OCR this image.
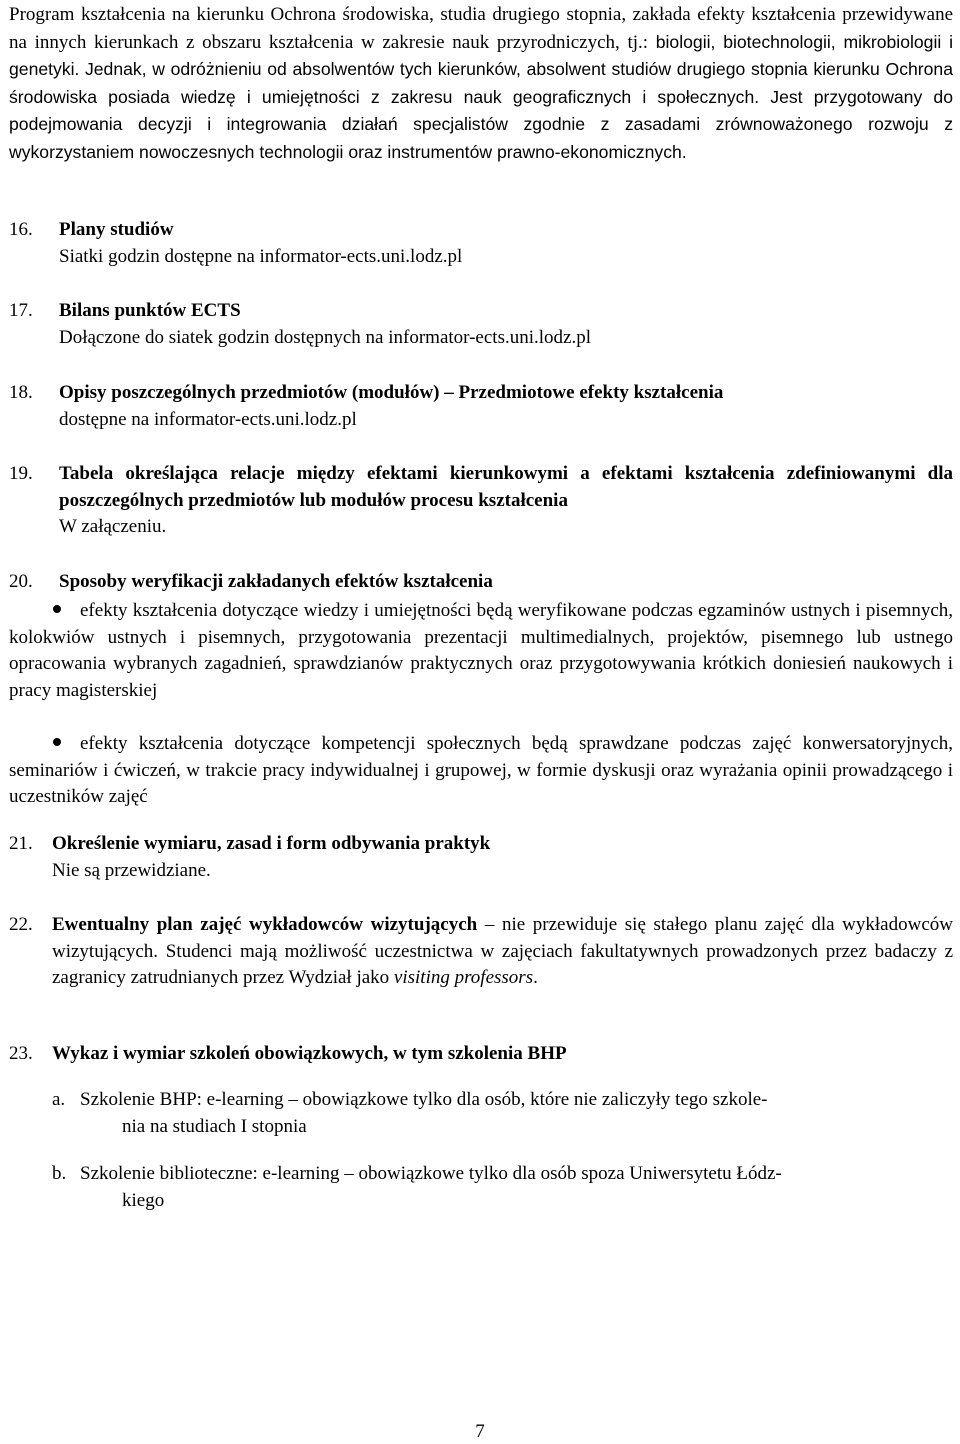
Program kształcenia na kierunku Ochrona środowiska, studia drugiego stopnia, zakłada efekty kształcenia przewidywane na innych kierunkach z obszaru kształcenia w zakresie nauk przyrodniczych, tj.: biologii, biotechnologii, mikrobiologii i genetyki. Jednak, w odróżnieniu od absolwentów tych kierunków, absolwent studiów drugiego stopnia kierunku Ochrona środowiska posiada wiedzę i umiejętności z zakresu nauk geograficznych i społecznych. Jest przygotowany do podejmowania decyzji i integrowania działań specjalistów zgodnie z zasadami zrównoważonego rozwoju z wykorzystaniem nowoczesnych technologii oraz instrumentów prawno-ekonomicznych.
16. Plany studiów
Siatki godzin dostępne na informator-ects.uni.lodz.pl
17. Bilans punktów ECTS
Dołączone do siatek godzin dostępnych na informator-ects.uni.lodz.pl
18. Opisy poszczególnych przedmiotów (modułów) – Przedmiotowe efekty kształcenia
dostępne na informator-ects.uni.lodz.pl
19. Tabela określająca relacje między efektami kierunkowymi a efektami kształcenia zdefiniowanymi dla poszczególnych przedmiotów lub modułów procesu kształcenia
W załączeniu.
20. Sposoby weryfikacji zakładanych efektów kształcenia
efekty kształcenia dotyczące wiedzy i umiejętności będą weryfikowane podczas egzaminów ustnych i pisemnych, kolokwiów ustnych i pisemnych, przygotowania prezentacji multimedialnych, projektów, pisemnego lub ustnego opracowania wybranych zagadnień, sprawdzianów praktycznych oraz przygotowywania krótkich doniesień naukowych i pracy magisterskiej
efekty kształcenia dotyczące kompetencji społecznych będą sprawdzane podczas zajęć konwersatoryjnych, seminariów i ćwiczeń, w trakcie pracy indywidualnej i grupowej, w formie dyskusji oraz wyrażania opinii prowadzącego i uczestników zajęć
21. Określenie wymiaru, zasad i form odbywania praktyk
Nie są przewidziane.
22. Ewentualny plan zajęć wykładowców wizytujących – nie przewiduje się stałego planu zajęć dla wykładowców wizytujących. Studenci mają możliwość uczestnictwa w zajęciach fakultatywnych prowadzonych przez badaczy z zagranicy zatrudnianych przez Wydział jako visiting professors.
23. Wykaz i wymiar szkoleń obowiązkowych, w tym szkolenia BHP
a. Szkolenie BHP: e-learning – obowiązkowe tylko dla osób, które nie zaliczyły tego szkole-
nia na studiach I stopnia
b. Szkolenie biblioteczne: e-learning – obowiązkowe tylko dla osób spoza Uniwersytetu Łódz-
kiego
7
